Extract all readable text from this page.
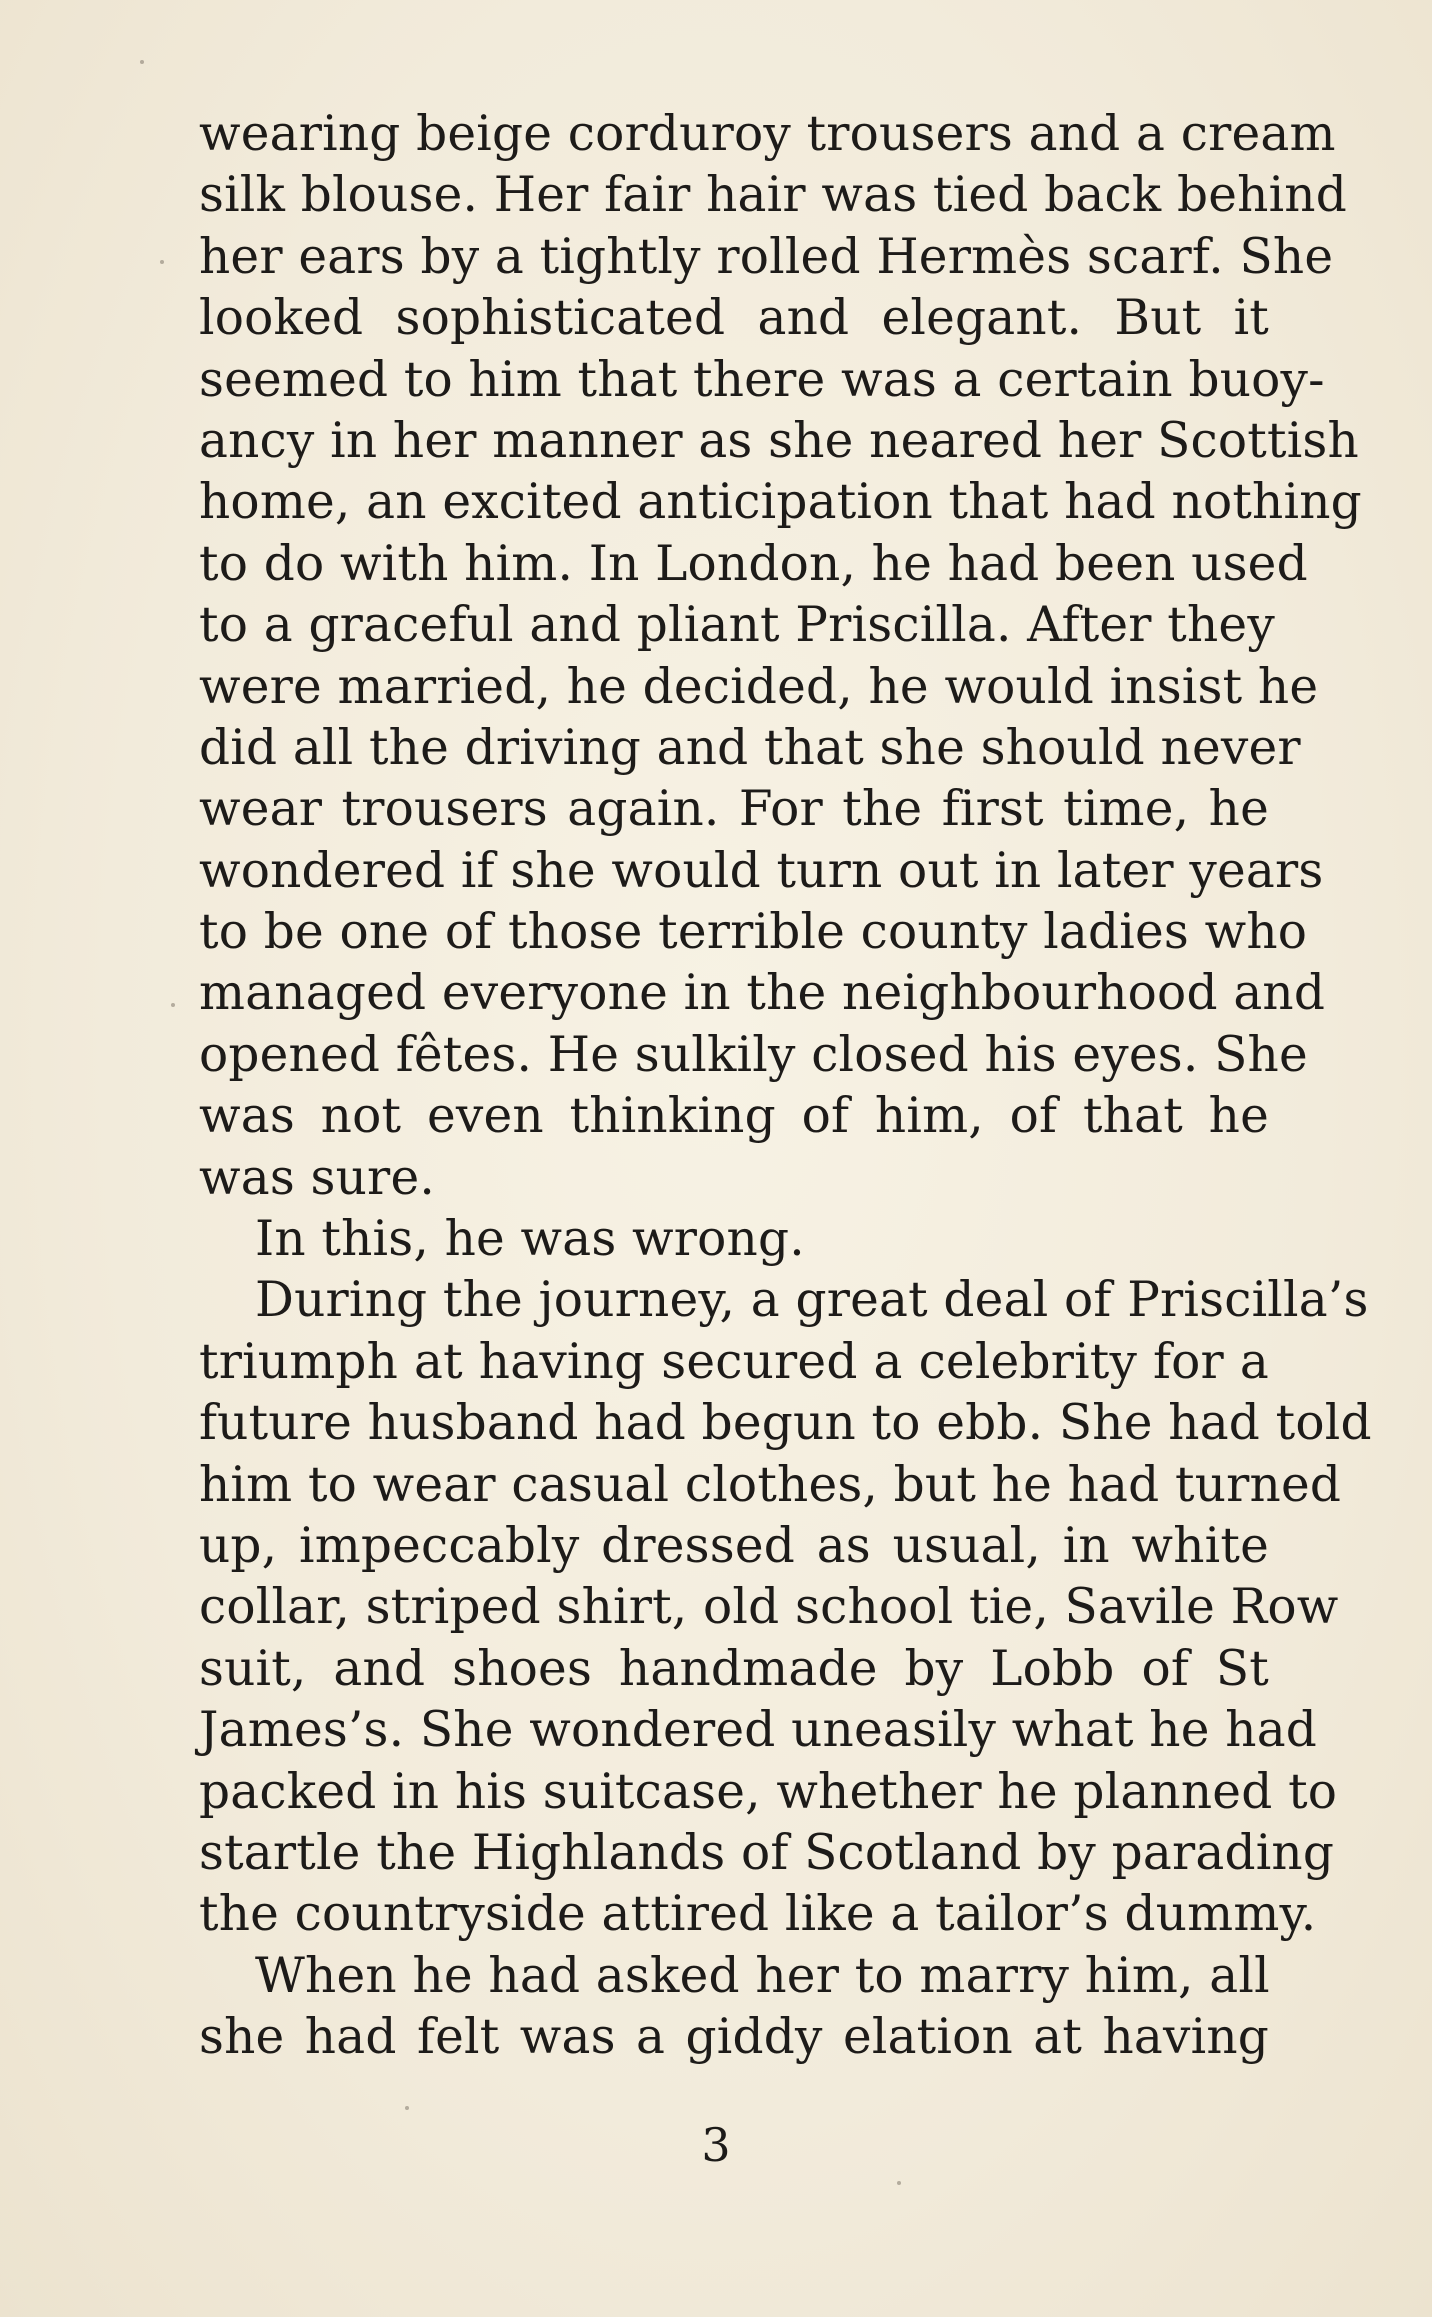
wearing beige corduroy trousers and a cream
silk blouse. Her fair hair was tied back behind
her ears by a tightly rolled Hermès scarf. She
looked sophisticated and elegant. But it
seemed to him that there was a certain buoy-
ancy in her manner as she neared her Scottish
home, an excited anticipation that had nothing
to do with him. In London, he had been used
to a graceful and pliant Priscilla. After they
were married, he decided, he would insist he
did all the driving and that she should never
wear trousers again. For the first time, he
wondered if she would turn out in later years
to be one of those terrible county ladies who
managed everyone in the neighbourhood and
opened fêtes. He sulkily closed his eyes. She
was not even thinking of him, of that he
was sure.
In this, he was wrong.
During the journey, a great deal of Priscilla’s
triumph at having secured a celebrity for a
future husband had begun to ebb. She had told
him to wear casual clothes, but he had turned
up, impeccably dressed as usual, in white
collar, striped shirt, old school tie, Savile Row
suit, and shoes handmade by Lobb of St
James’s. She wondered uneasily what he had
packed in his suitcase, whether he planned to
startle the Highlands of Scotland by parading
the countryside attired like a tailor’s dummy.
When he had asked her to marry him, all
she had felt was a giddy elation at having
3
